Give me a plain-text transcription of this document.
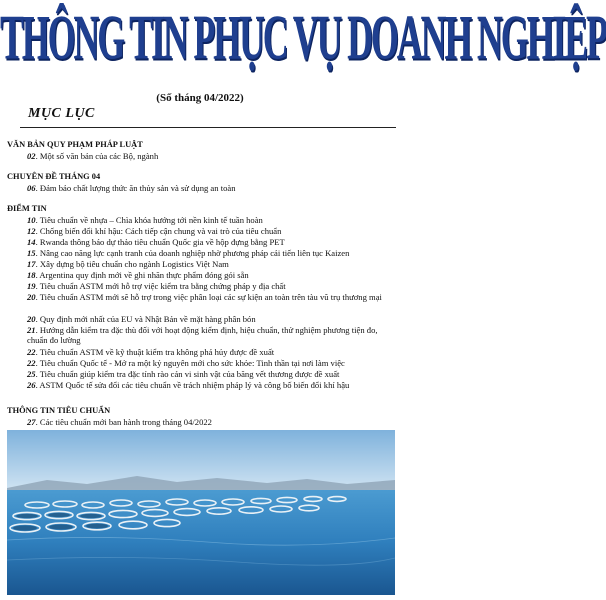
THÔNG TIN PHỤC VỤ DOANH NGHIỆP
(Số tháng 04/2022)
MỤC LỤC
VĂN BẢN QUY PHẠM PHÁP LUẬT
02. Một số văn bản của các Bộ, ngành
CHUYÊN ĐỀ THÁNG 04
06. Đảm bảo chất lượng thức ăn thủy sản và sử dụng an toàn
ĐIỂM TIN
10. Tiêu chuẩn về nhựa – Chìa khóa hướng tới nền kinh tế tuần hoàn
12. Chống biến đổi khí hậu: Cách tiếp cận chung và vai trò của tiêu chuẩn
14. Rwanda thông báo dự thảo tiêu chuẩn Quốc gia về hộp đựng bằng PET
15. Nâng cao năng lực cạnh tranh của doanh nghiệp nhờ phương pháp cải tiến liên tục Kaizen
17. Xây dựng bộ tiêu chuẩn cho ngành Logistics Việt Nam
18. Argentina quy định mới về ghi nhãn thực phẩm đóng gói sẵn
19. Tiêu chuẩn ASTM mới hỗ trợ việc kiểm tra bằng chứng pháp y địa chất
20. Tiêu chuẩn ASTM mới sẽ hỗ trợ trong việc phân loại các sự kiện an toàn trên tàu vũ trụ thương mại
20. Quy định mới nhất của EU và Nhật Bản về mặt hàng phân bón
21. Hướng dẫn kiểm tra đặc thù đối với hoạt động kiểm định, hiệu chuẩn, thử nghiệm phương tiện đo, chuẩn đo lường
22. Tiêu chuẩn ASTM về kỹ thuật kiểm tra không phá hủy được đề xuất
22. Tiêu chuẩn Quốc tế - Mở ra một kỷ nguyên mới cho sức khỏe: Tinh thần tại nơi làm việc
25. Tiêu chuẩn giúp kiểm tra đặc tính rào cản vi sinh vật của băng vết thương được đề xuất
26. ASTM Quốc tế sửa đổi các tiêu chuẩn về trách nhiệm pháp lý và công bố biến đổi khí hậu
THÔNG TIN TIÊU CHUẨN
27. Các tiêu chuẩn mới ban hành trong tháng 04/2022
